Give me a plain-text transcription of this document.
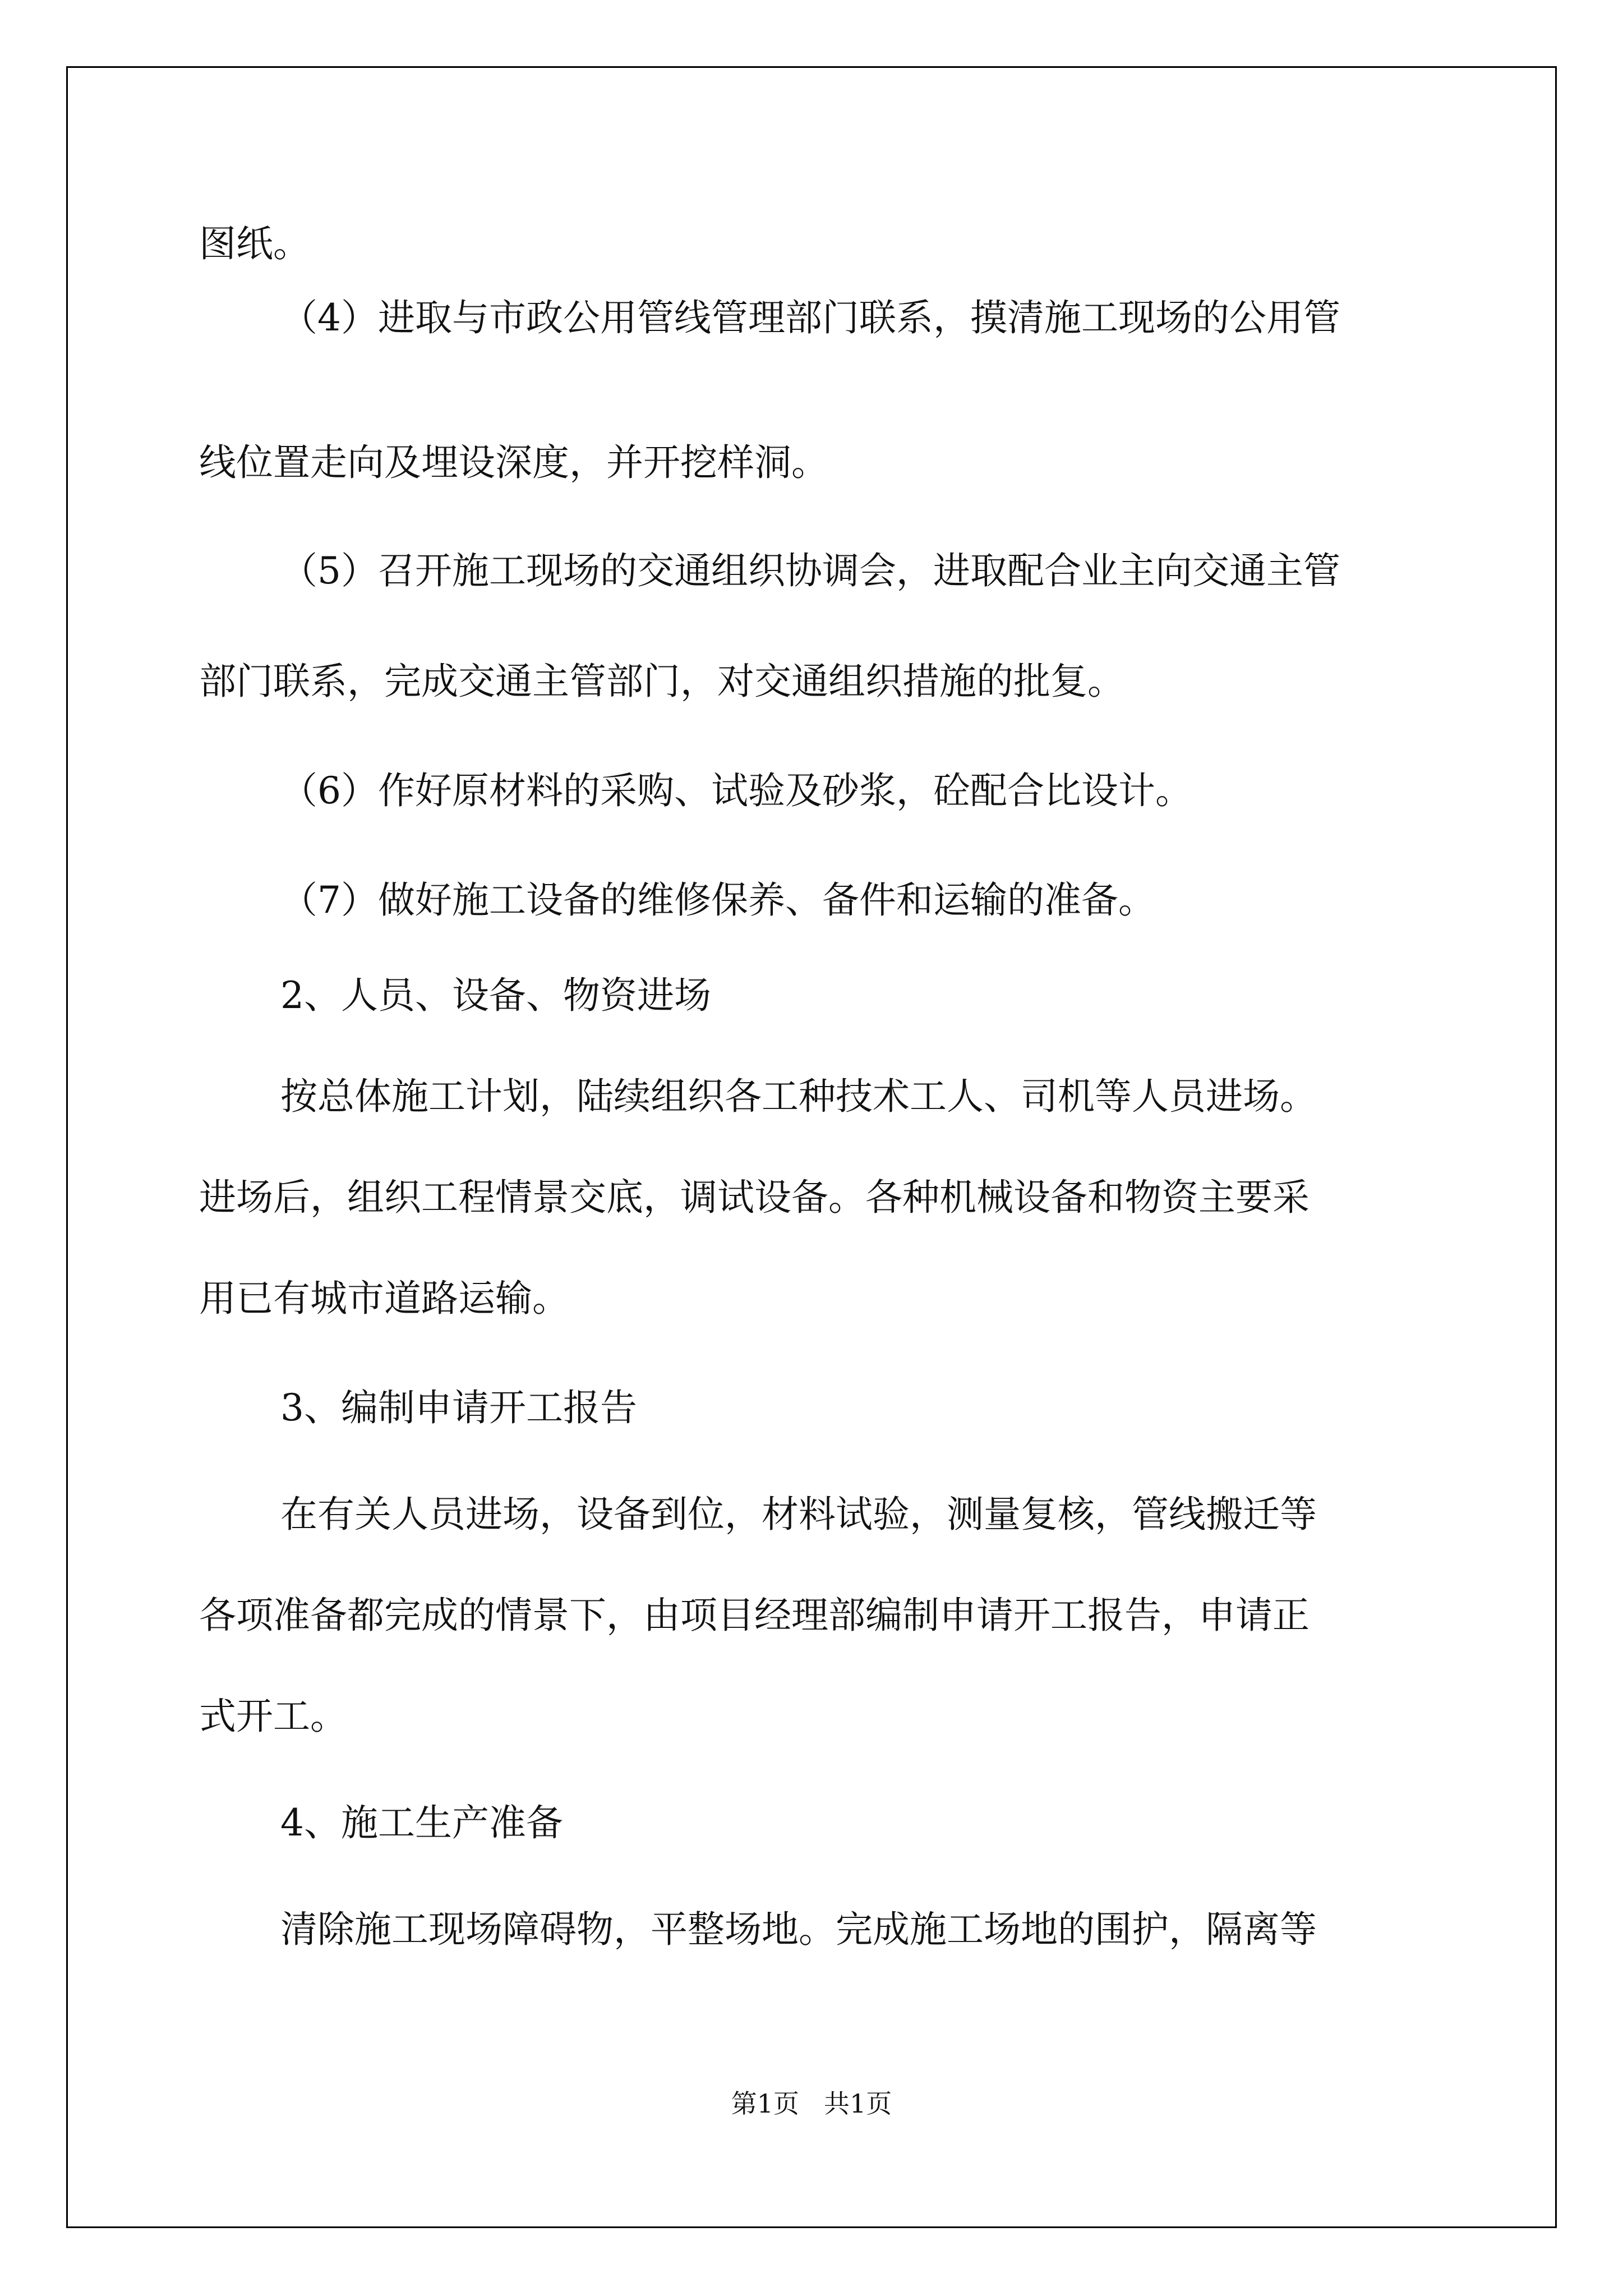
图纸。
（4）进取与市政公用管线管理部门联系，摸清施工现场的公用管
线位置走向及埋设深度，并开挖样洞。
（5）召开施工现场的交通组织协调会，进取配合业主向交通主管
部门联系，完成交通主管部门，对交通组织措施的批复。
（6）作好原材料的采购、试验及砂浆，砼配合比设计。
（7）做好施工设备的维修保养、备件和运输的准备。
2、人员、设备、物资进场
按总体施工计划，陆续组织各工种技术工人、司机等人员进场。
进场后，组织工程情景交底，调试设备。各种机械设备和物资主要采
用已有城市道路运输。
3、编制申请开工报告
在有关人员进场，设备到位，材料试验，测量复核，管线搬迁等
各项准备都完成的情景下，由项目经理部编制申请开工报告，申请正
式开工。
4、施工生产准备
清除施工现场障碍物，平整场地。完成施工场地的围护，隔离等
第1页 共1页
